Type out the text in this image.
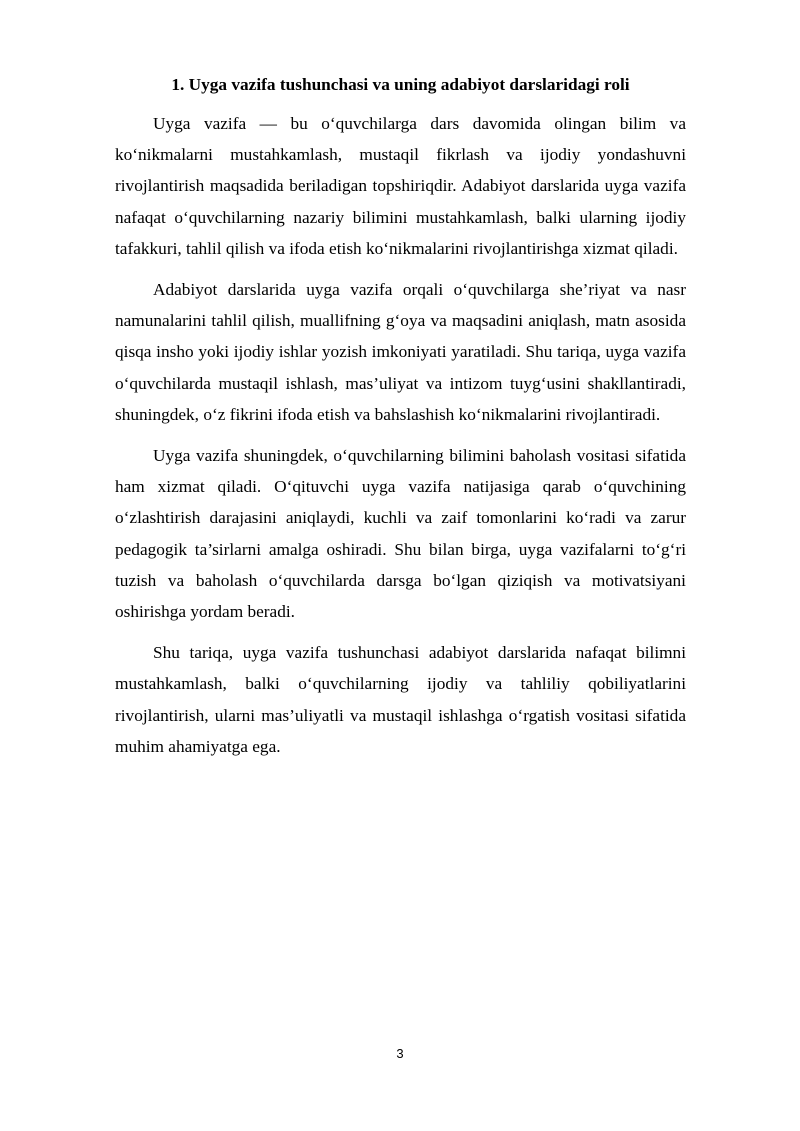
1. Uyga vazifa tushunchasi va uning adabiyot darslaridagi roli

Uyga vazifa — bu o‘quvchilarga dars davomida olingan bilim va ko‘nikmalarni mustahkamlash, mustaqil fikrlash va ijodiy yondashuvni rivojlantirish maqsadida beriladigan topshiriqdir. Adabiyot darslarida uyga vazifa nafaqat o‘quvchilarning nazariy bilimini mustahkamlash, balki ularning ijodiy tafakkuri, tahlil qilish va ifoda etish ko‘nikmalarini rivojlantirishga xizmat qiladi.

Adabiyot darslarida uyga vazifa orqali o‘quvchilarga she’riyat va nasr namunalarini tahlil qilish, muallifning g‘oya va maqsadini aniqlash, matn asosida qisqa insho yoki ijodiy ishlar yozish imkoniyati yaratiladi. Shu tariqa, uyga vazifa o‘quvchilarda mustaqil ishlash, mas’uliyat va intizom tuyg‘usini shakllantiradi, shuningdek, o‘z fikrini ifoda etish va bahslashish ko‘nikmalarini rivojlantiradi.

Uyga vazifa shuningdek, o‘quvchilarning bilimini baholash vositasi sifatida ham xizmat qiladi. O‘qituvchi uyga vazifa natijasiga qarab o‘quvchining o‘zlashtirish darajasini aniqlaydi, kuchli va zaif tomonlarini ko‘radi va zarur pedagogik ta’sirlarni amalga oshiradi. Shu bilan birga, uyga vazifalarni to‘g‘ri tuzish va baholash o‘quvchilarda darsga bo‘lgan qiziqish va motivatsiyani oshirishga yordam beradi.

Shu tariqa, uyga vazifa tushunchasi adabiyot darslarida nafaqat bilimni mustahkamlash, balki o‘quvchilarning ijodiy va tahliliy qobiliyatlarini rivojlantirish, ularni mas’uliyatli va mustaqil ishlashga o‘rgatish vositasi sifatida muhim ahamiyatga ega.

3
